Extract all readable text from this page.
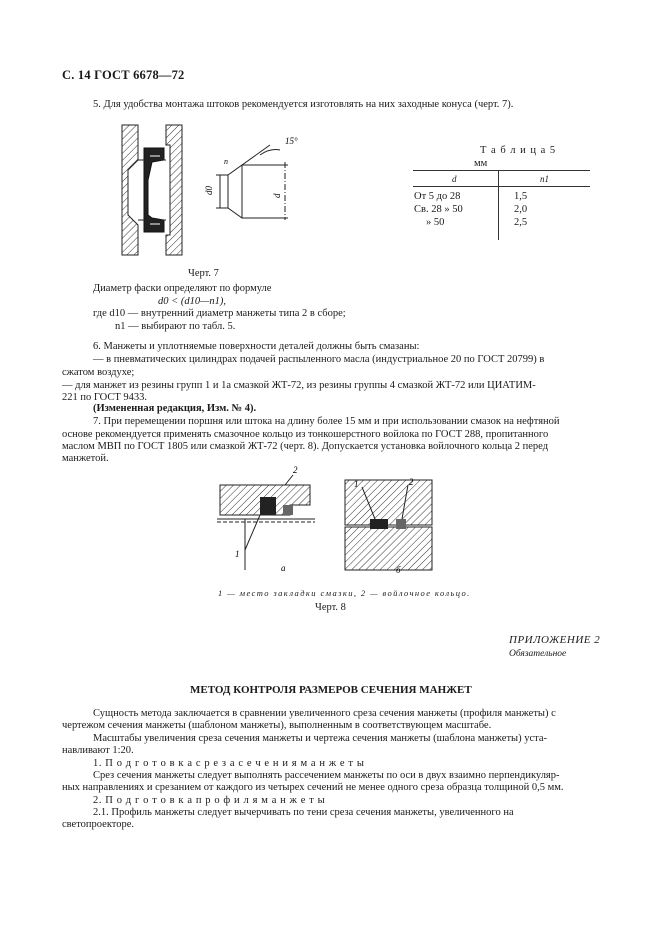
С. 14 ГОСТ 6678—72
5. Для удобства монтажа штоков рекомендуется изготовлять на них заходные конуса (черт. 7).
d0
d
15°
n
Черт. 7
Т а б л и ц а 5
мм
d	n1
От 5 до 28	1,5
Св. 28 » 50	2,0
» 50	2,5
Диаметр фаски определяют по формуле
d0 < (d10—n1),
где d10 — внутренний диаметр манжеты типа 2 в сборе;
n1 — выбирают по табл. 5.
6. Манжеты и уплотняемые поверхности деталей должны быть смазаны:
— в пневматических цилиндрах подачей распыленного масла (индустриальное 20 по ГОСТ 20799) в
сжатом воздухе;
— для манжет из резины групп 1 и 1а смазкой ЖТ-72, из резины группы 4 смазкой ЖТ-72 или ЦИАТИМ-
221 по ГОСТ 9433.
(Измененная редакция, Изм. № 4).
7. При перемещении поршня или штока на длину более 15 мм и при использовании смазок на нефтяной
основе рекомендуется применять смазочное кольцо из тонкошерстного войлока по ГОСТ 288, пропитанного
маслом МВП по ГОСТ 1805 или смазкой ЖТ-72 (черт. 8). Допускается установка войлочного кольца 2 перед
манжетой.
2
1
а
1	2
б
1 — место закладки смазки, 2 — войлочное кольцо.
Черт. 8
ПРИЛОЖЕНИЕ 2
Обязательное
МЕТОД КОНТРОЛЯ РАЗМЕРОВ СЕЧЕНИЯ МАНЖЕТ
Сущность метода заключается в сравнении увеличенного среза сечения манжеты (профиля манжеты) с
чертежом сечения манжеты (шаблоном манжеты), выполненным в соответствующем масштабе.
Масштабы увеличения среза сечения манжеты и чертежа сечения манжеты (шаблона манжеты) уста-
навливают 1:20.
1. П о д г о т о в к а с р е з а с е ч е н и я м а н ж е т ы
Срез сечения манжеты следует выполнять рассечением манжеты по оси в двух взаимно перпендикуляр-
ных направлениях и срезанием от каждого из четырех сечений не менее одного среза образца толщиной 0,5 мм.
2. П о д г о т о в к а п р о ф и л я м а н ж е т ы
2.1. Профиль манжеты следует вычерчивать по тени среза сечения манжеты, увеличенного на
светопроекторе.
